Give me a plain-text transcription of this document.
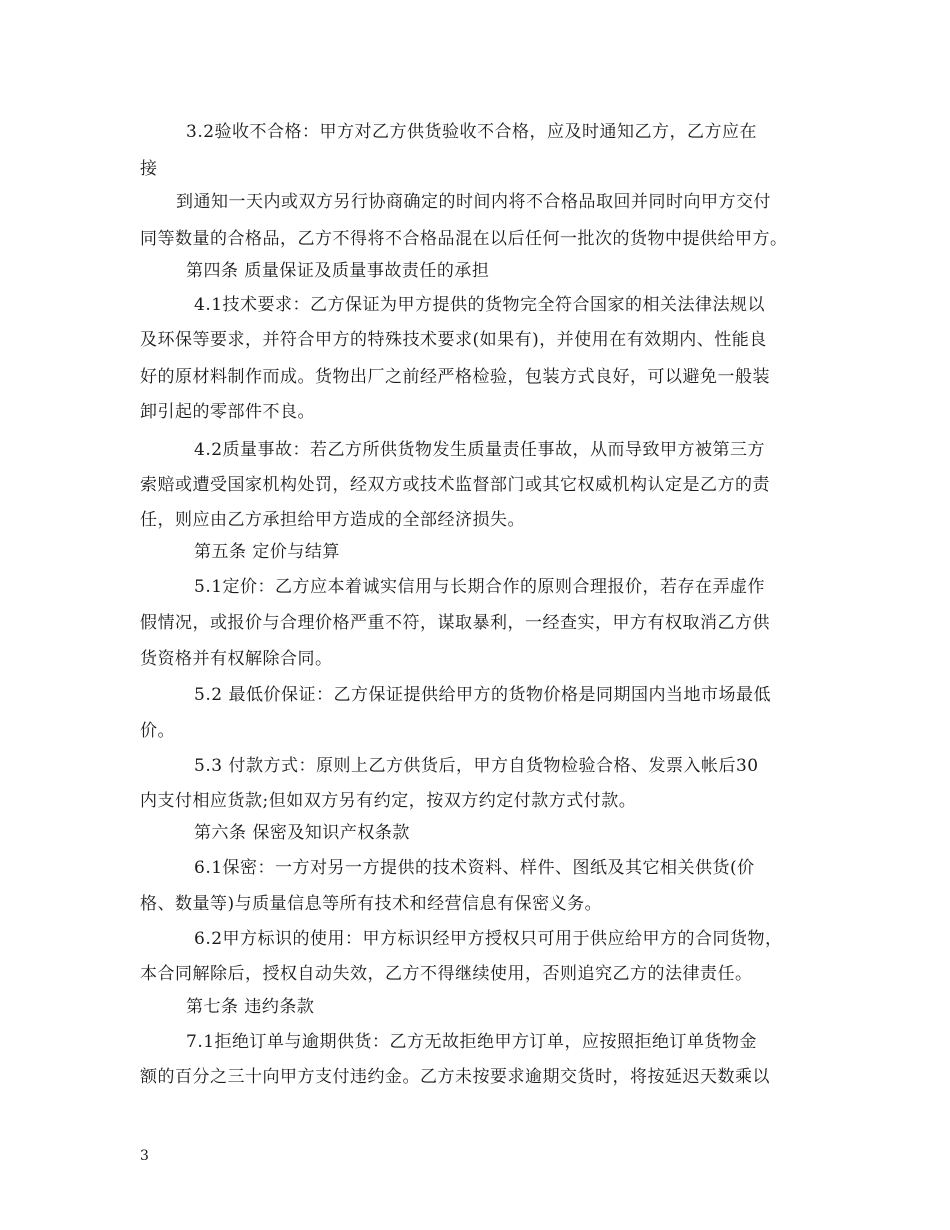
3.2验收不合格：甲方对乙方供货验收不合格，应及时通知乙方，乙方应在
接
到通知一天内或双方另行协商确定的时间内将不合格品取回并同时向甲方交付
同等数量的合格品，乙方不得将不合格品混在以后任何一批次的货物中提供给甲方。
第四条 质量保证及质量事故责任的承担
4.1技术要求：乙方保证为甲方提供的货物完全符合国家的相关法律法规以
及环保等要求，并符合甲方的特殊技术要求(如果有)，并使用在有效期内、性能良
好的原材料制作而成。货物出厂之前经严格检验，包装方式良好，可以避免一般装
卸引起的零部件不良。
4.2质量事故：若乙方所供货物发生质量责任事故，从而导致甲方被第三方
索赔或遭受国家机构处罚，经双方或技术监督部门或其它权威机构认定是乙方的责
任，则应由乙方承担给甲方造成的全部经济损失。
第五条 定价与结算
5.1定价：乙方应本着诚实信用与长期合作的原则合理报价，若存在弄虚作
假情况，或报价与合理价格严重不符，谋取暴利，一经查实，甲方有权取消乙方供
货资格并有权解除合同。
5.2 最低价保证：乙方保证提供给甲方的货物价格是同期国内当地市场最低
价。
5.3 付款方式：原则上乙方供货后，甲方自货物检验合格、发票入帐后30
内支付相应货款;但如双方另有约定，按双方约定付款方式付款。
第六条 保密及知识产权条款
6.1保密：一方对另一方提供的技术资料、样件、图纸及其它相关供货(价
格、数量等)与质量信息等所有技术和经营信息有保密义务。
6.2甲方标识的使用：甲方标识经甲方授权只可用于供应给甲方的合同货物，
本合同解除后，授权自动失效，乙方不得继续使用，否则追究乙方的法律责任。
第七条 违约条款
7.1拒绝订单与逾期供货：乙方无故拒绝甲方订单，应按照拒绝订单货物金
额的百分之三十向甲方支付违约金。乙方未按要求逾期交货时，将按延迟天数乘以
3
